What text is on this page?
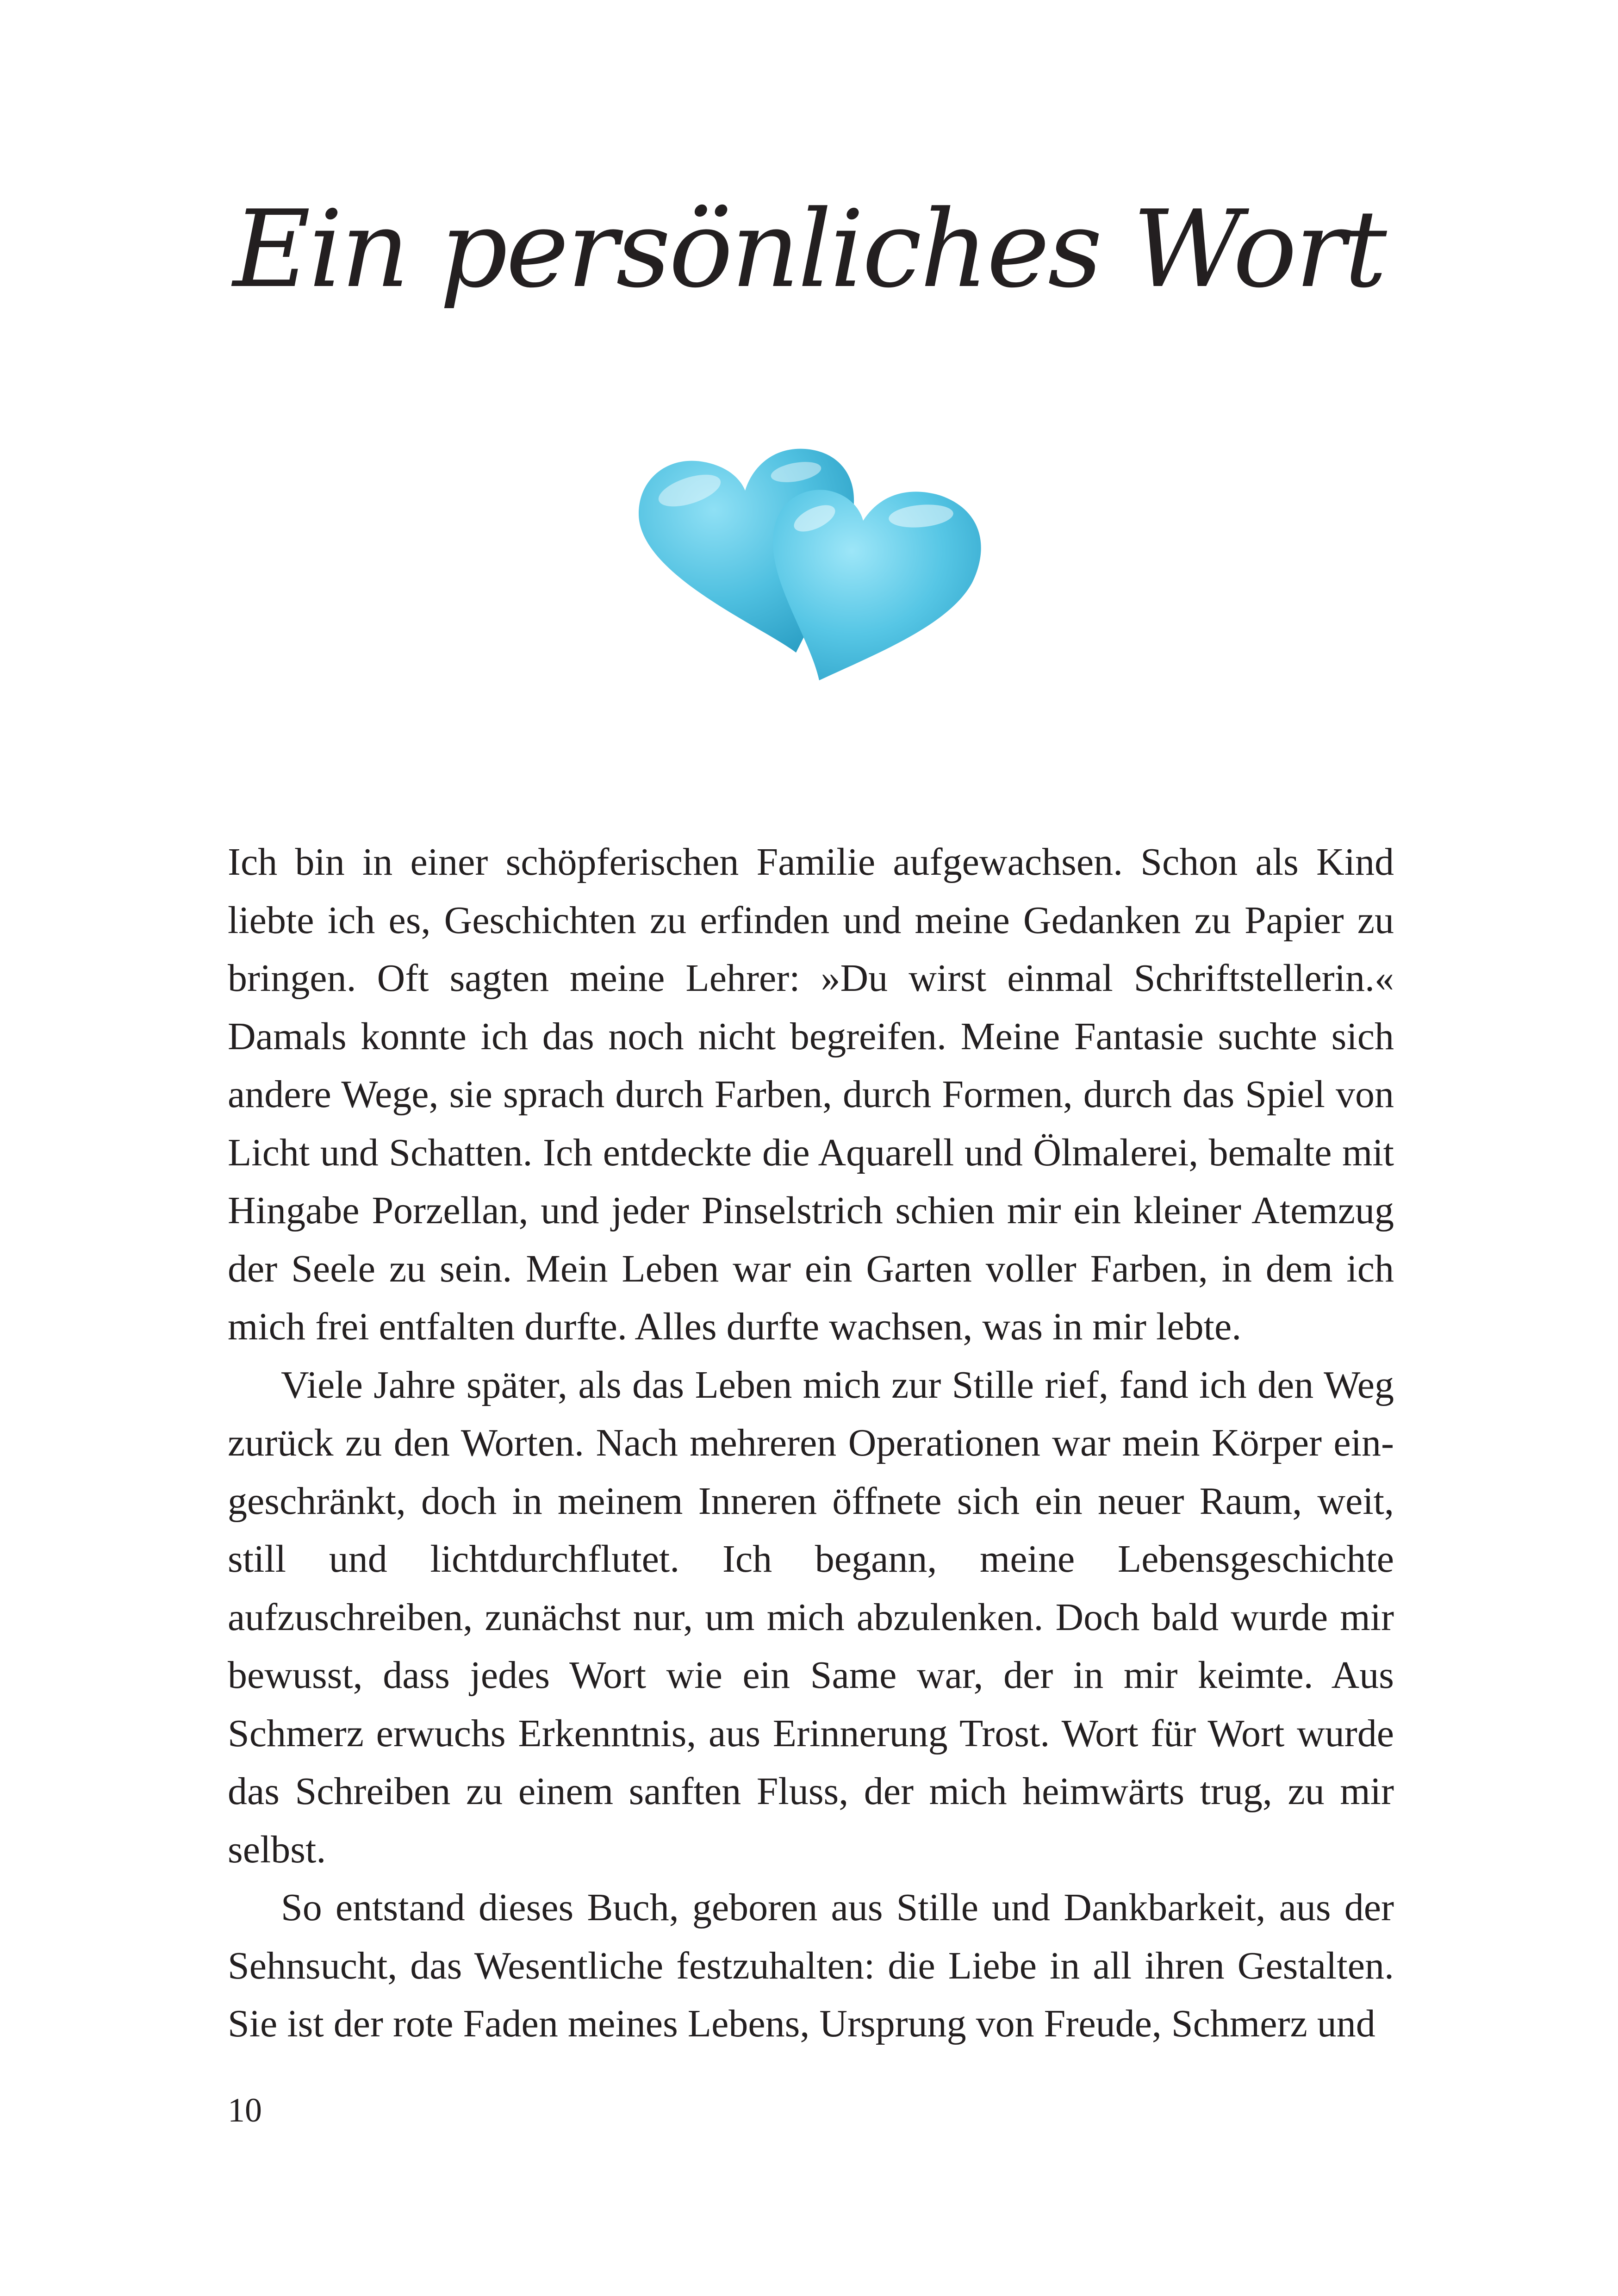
Ein persönliches Wort

Ich bin in einer schöpferischen Familie aufgewachsen. Schon als Kind liebte ich es, Geschichten zu erfinden und meine Gedanken zu Papier zu bringen. Oft sagten meine Lehrer: »Du wirst einmal Schriftstellerin.« Damals konnte ich das noch nicht begreifen. Meine Fantasie suchte sich andere Wege, sie sprach durch Farben, durch Formen, durch das Spiel von Licht und Schatten. Ich entdeckte die Aquarell und Ölmalerei, bemalte mit Hingabe Porzellan, und jeder Pinselstrich schien mir ein kleiner Atemzug der Seele zu sein. Mein Leben war ein Garten voller Farben, in dem ich mich frei entfalten durfte. Alles durfte wachsen, was in mir lebte.

Viele Jahre später, als das Leben mich zur Stille rief, fand ich den Weg zurück zu den Worten. Nach mehreren Operationen war mein Körper eingeschränkt, doch in meinem Inneren öffnete sich ein neuer Raum, weit, still und lichtdurchflutet. Ich begann, meine Lebensgeschichte aufzuschreiben, zunächst nur, um mich abzulenken. Doch bald wurde mir bewusst, dass jedes Wort wie ein Same war, der in mir keimte. Aus Schmerz erwuchs Erkenntnis, aus Erinnerung Trost. Wort für Wort wurde das Schreiben zu einem sanften Fluss, der mich heimwärts trug, zu mir selbst.

So entstand dieses Buch, geboren aus Stille und Dankbarkeit, aus der Sehnsucht, das Wesentliche festzuhalten: die Liebe in all ihren Gestalten. Sie ist der rote Faden meines Lebens, Ursprung von Freude, Schmerz und

10
